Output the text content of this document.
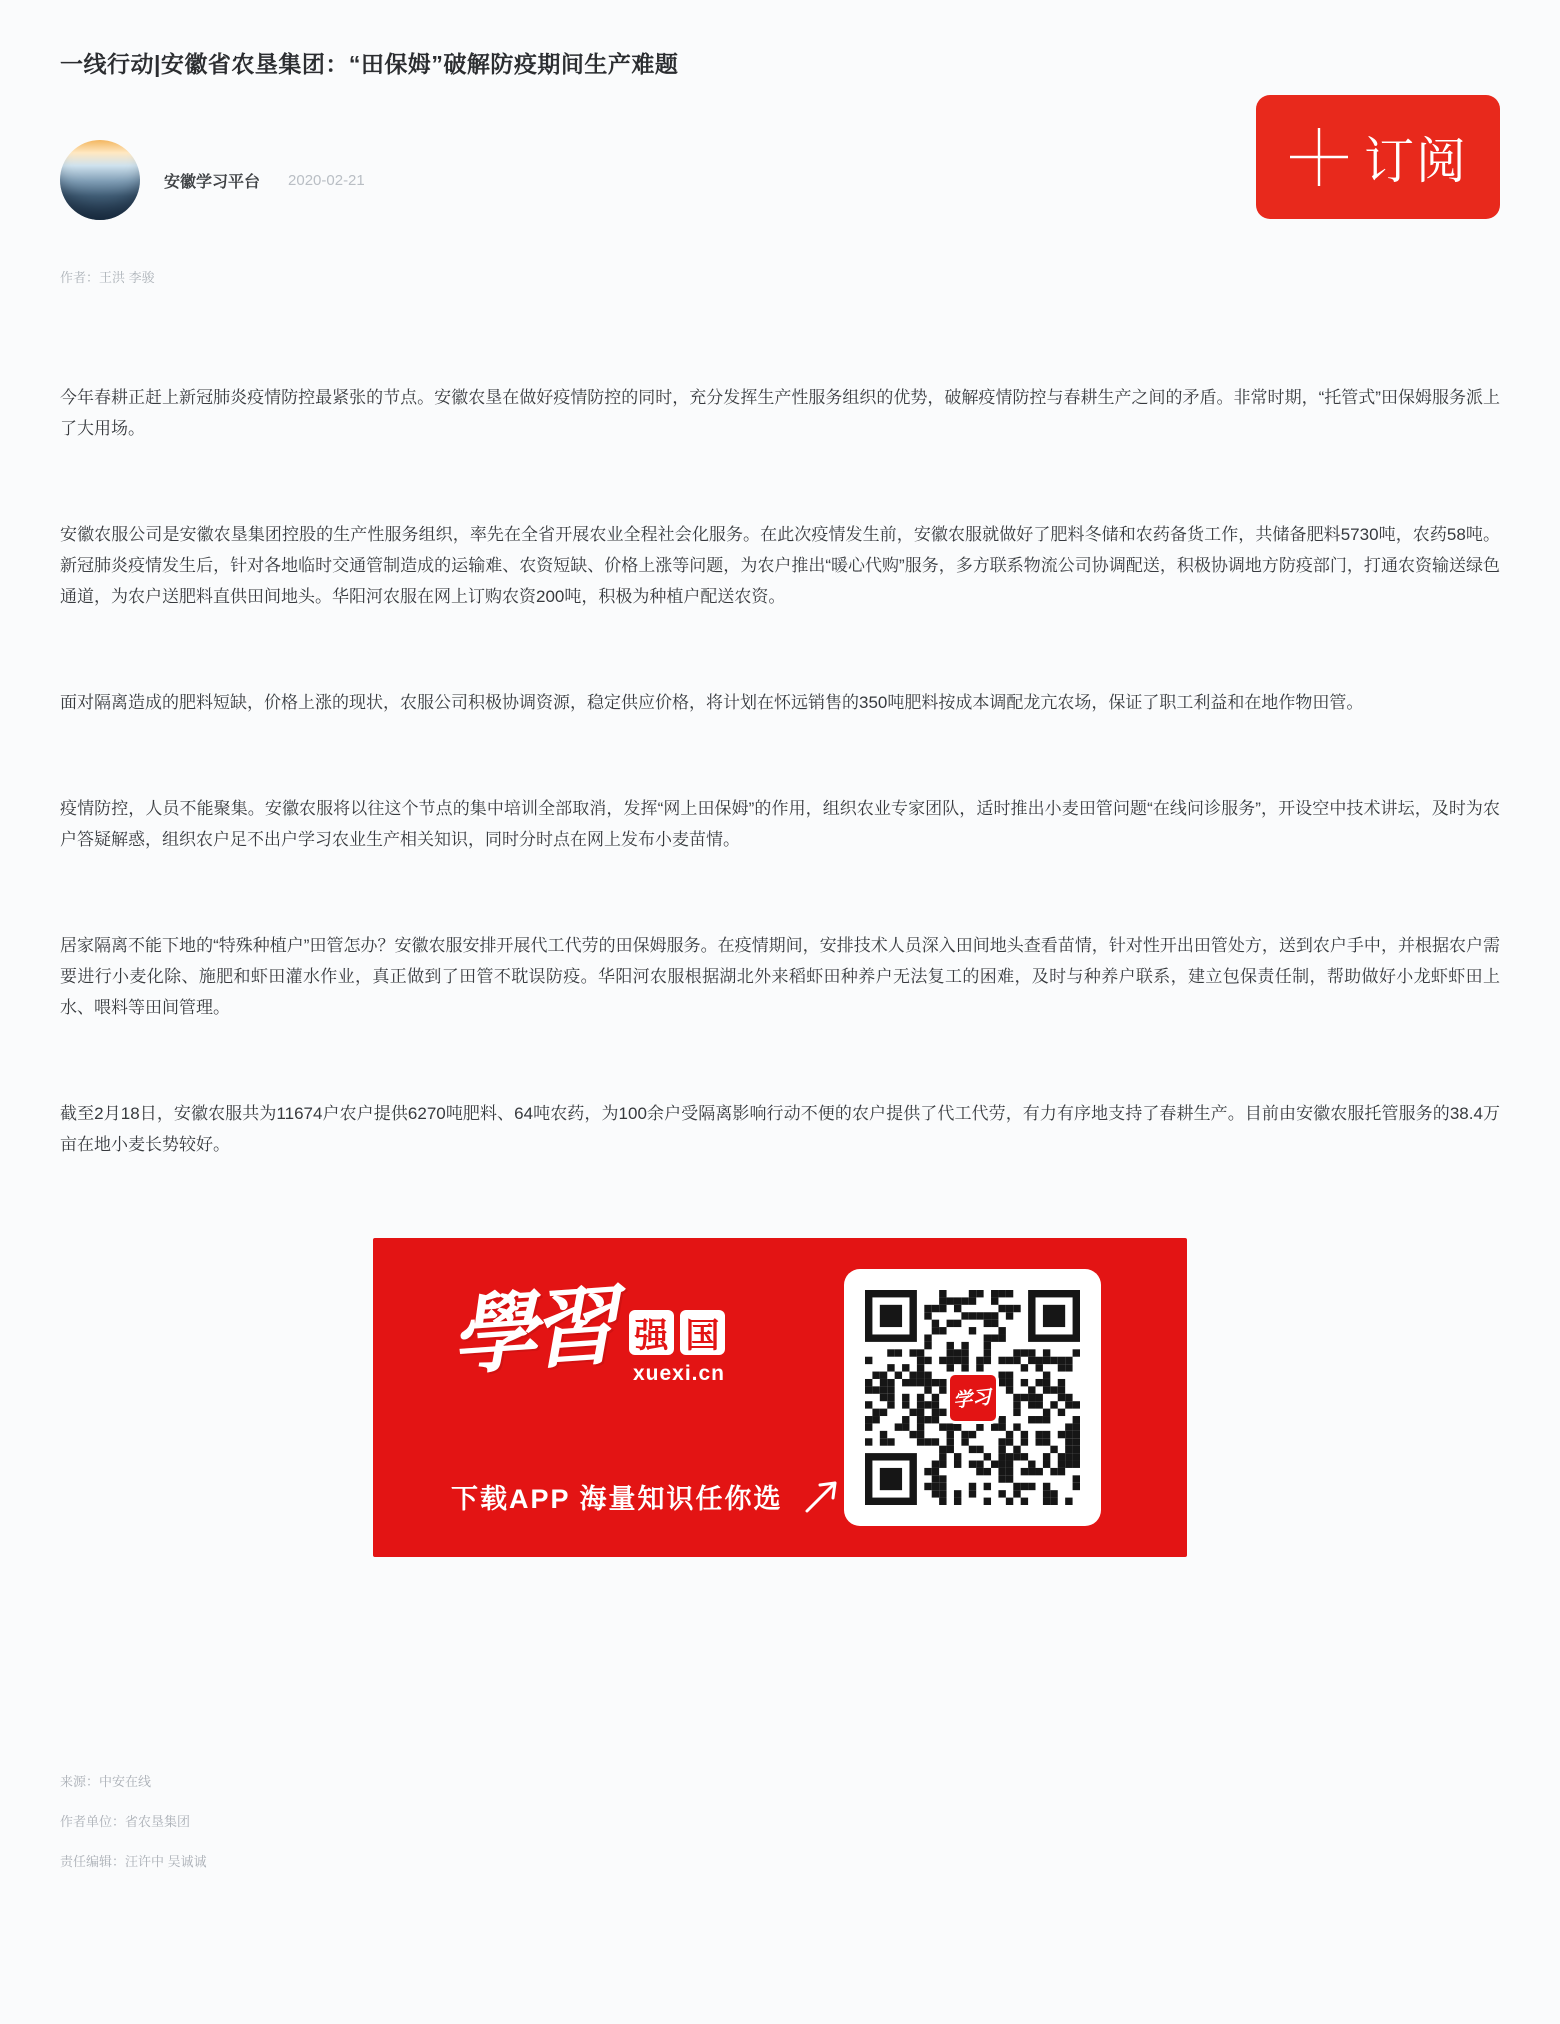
一线行动|安徽省农垦集团：“田保姆”破解防疫期间生产难题
安徽学习平台 2020-02-21	订阅
作者：王洪 李骏

今年春耕正赶上新冠肺炎疫情防控最紧张的节点。安徽农垦在做好疫情防控的同时，充分发挥生产性服务组织的优势，破解疫情防控与春耕生产之间的矛盾。非常时期，“托管式”田保姆服务派上了大用场。

安徽农服公司是安徽农垦集团控股的生产性服务组织，率先在全省开展农业全程社会化服务。在此次疫情发生前，安徽农服就做好了肥料冬储和农药备货工作，共储备肥料5730吨，农药58吨。新冠肺炎疫情发生后，针对各地临时交通管制造成的运输难、农资短缺、价格上涨等问题，为农户推出“暖心代购”服务，多方联系物流公司协调配送，积极协调地方防疫部门，打通农资输送绿色通道，为农户送肥料直供田间地头。华阳河农服在网上订购农资200吨，积极为种植户配送农资。

面对隔离造成的肥料短缺，价格上涨的现状，农服公司积极协调资源，稳定供应价格，将计划在怀远销售的350吨肥料按成本调配龙亢农场，保证了职工利益和在地作物田管。

疫情防控，人员不能聚集。安徽农服将以往这个节点的集中培训全部取消，发挥“网上田保姆”的作用，组织农业专家团队，适时推出小麦田管问题“在线问诊服务”，开设空中技术讲坛，及时为农户答疑解惑，组织农户足不出户学习农业生产相关知识，同时分时点在网上发布小麦苗情。

居家隔离不能下地的“特殊种植户”田管怎办？安徽农服安排开展代工代劳的田保姆服务。在疫情期间，安排技术人员深入田间地头查看苗情，针对性开出田管处方，送到农户手中，并根据农户需要进行小麦化除、施肥和虾田灌水作业，真正做到了田管不耽误防疫。华阳河农服根据湖北外来稻虾田种养户无法复工的困难，及时与种养户联系，建立包保责任制，帮助做好小龙虾虾田上水、喂料等田间管理。

截至2月18日，安徽农服共为11674户农户提供6270吨肥料、64吨农药，为100余户受隔离影响行动不便的农户提供了代工代劳，有力有序地支持了春耕生产。目前由安徽农服托管服务的38.4万亩在地小麦长势较好。

學習 强 国
xuexi.cn
下载APP 海量知识任你选
学习
来源：中安在线
作者单位：省农垦集团
责任编辑：汪许中 吴诚诚
